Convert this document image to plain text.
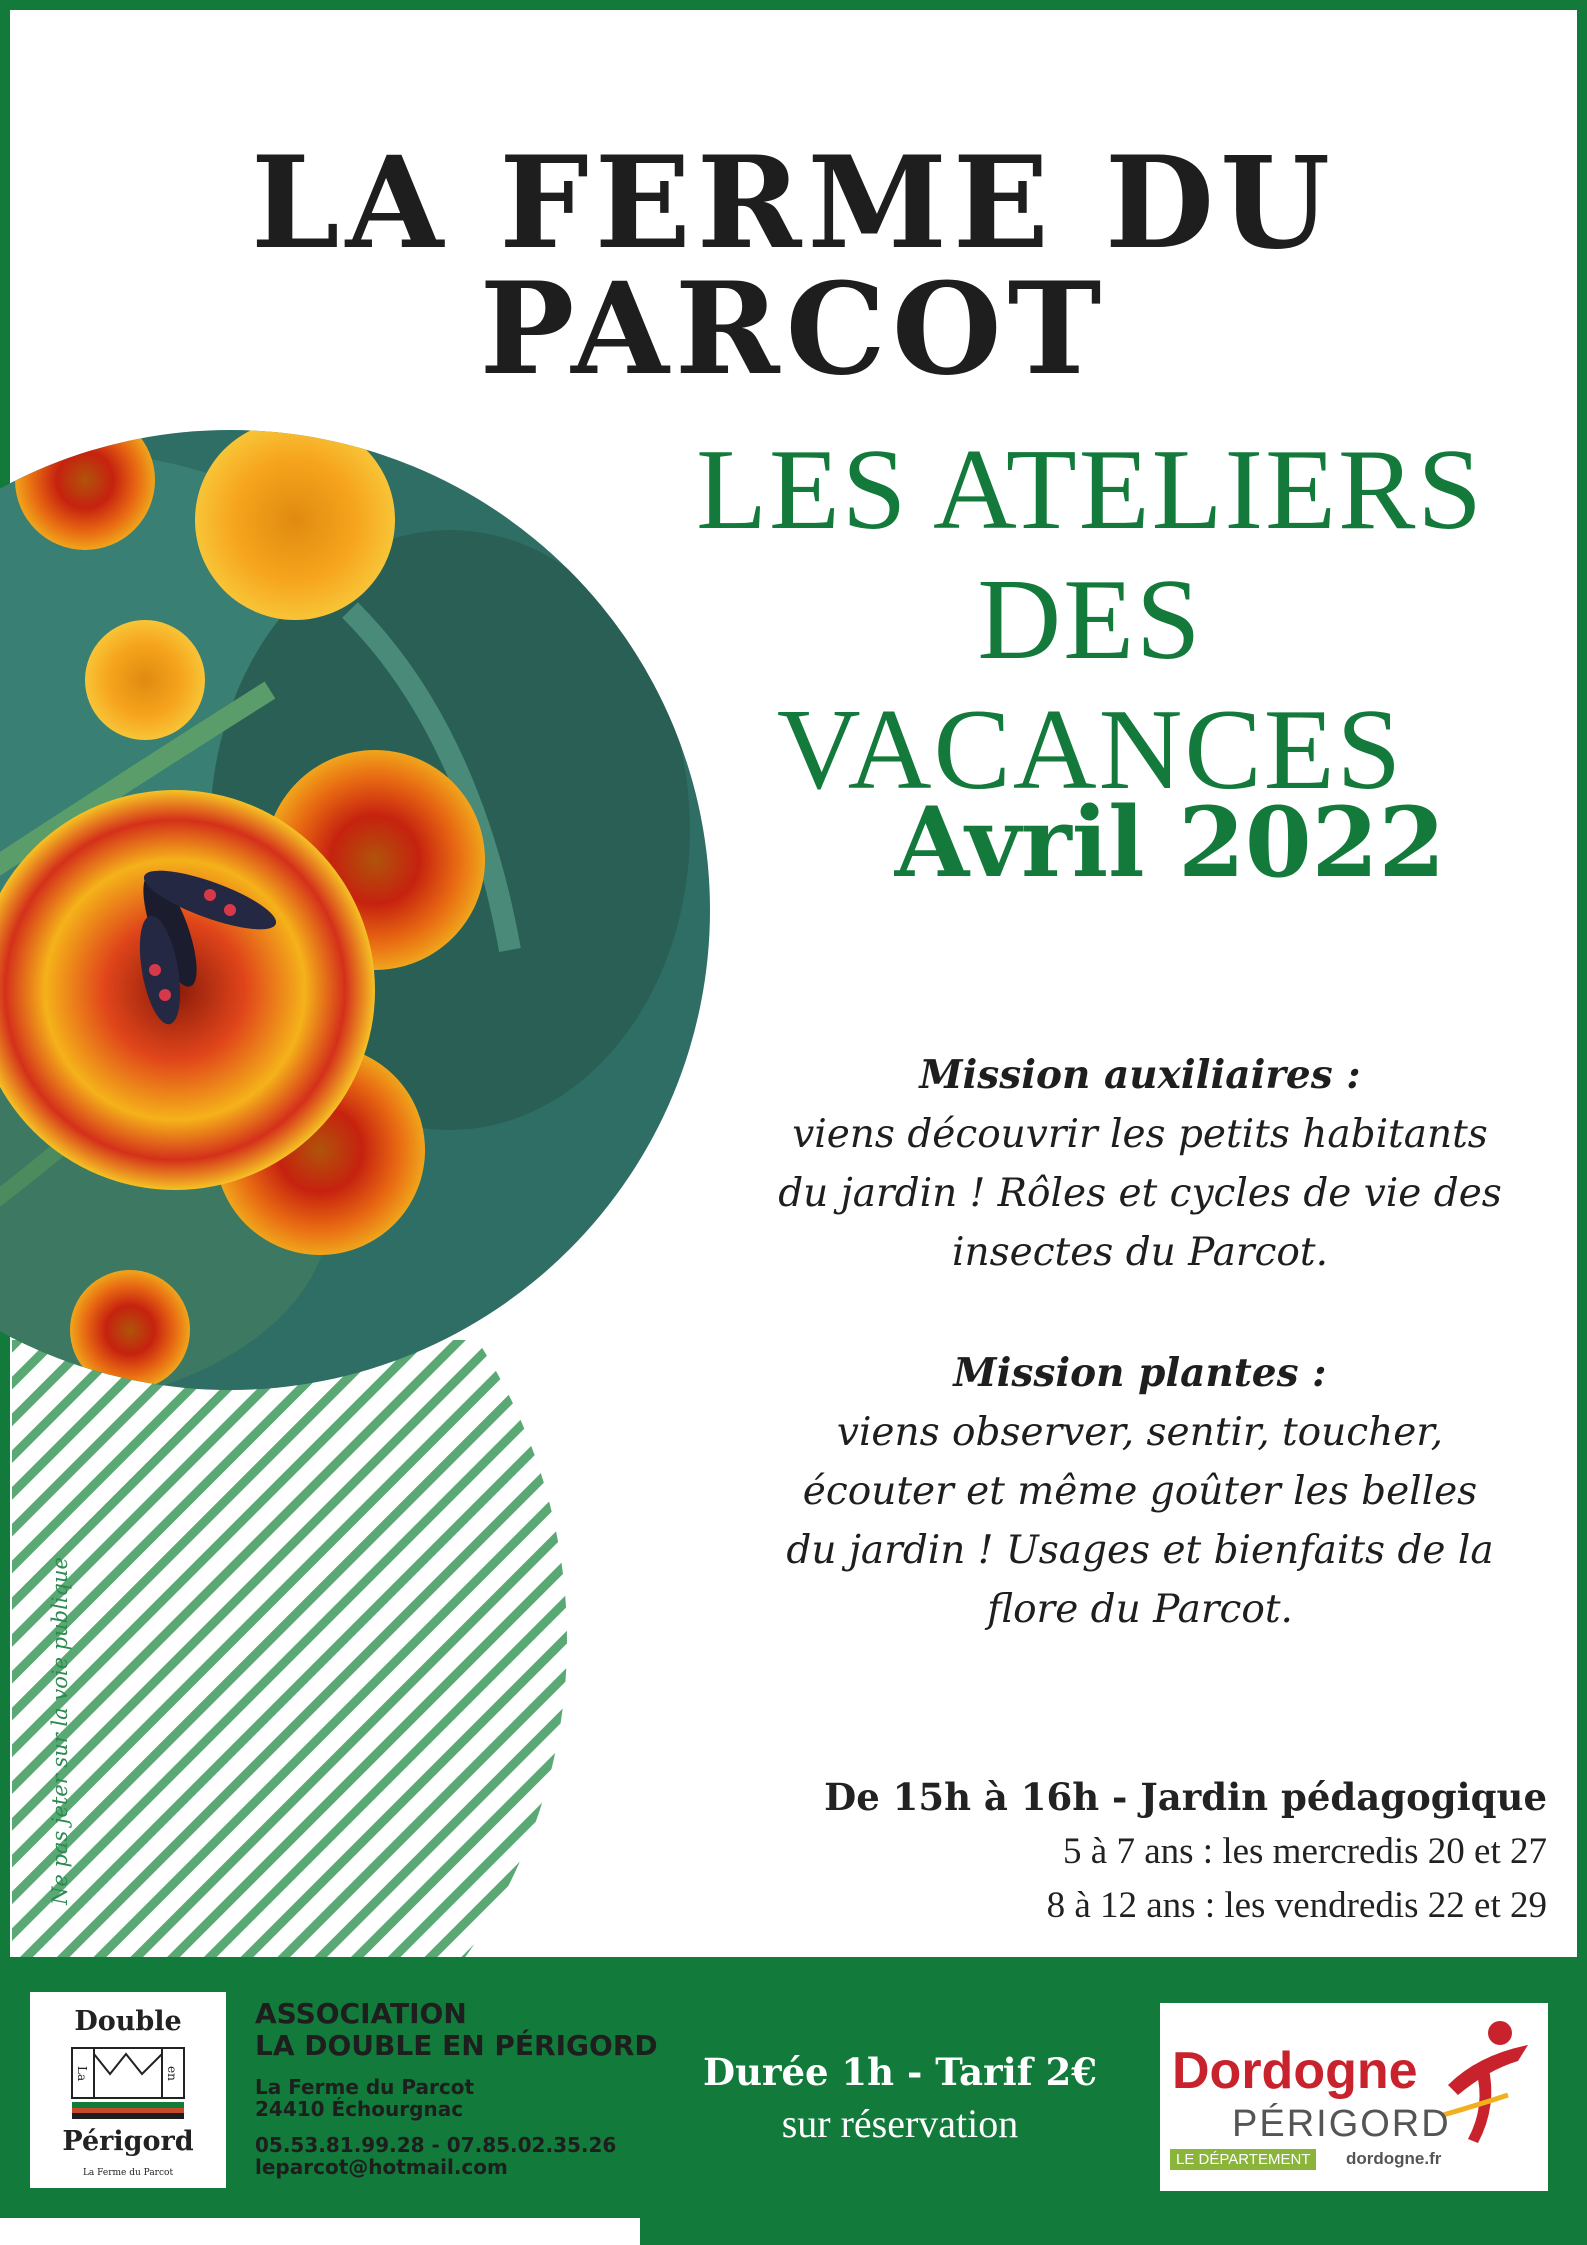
LA FERME DU PARCOT
LES ATELIERS
DES VACANCES
Avril 2022
Ne pas jeter sur la voie publique
Mission auxiliaires :
viens découvrir les petits habitants
du jardin ! Rôles et cycles de vie des
insectes du Parcot.
Mission plantes :
viens observer, sentir, toucher,
écouter et même goûter les belles
du jardin ! Usages et bienfaits de la
flore du Parcot.
De 15h à 16h - Jardin pédagogique
5 à 7 ans : les mercredis 20 et 27
8 à 12 ans : les vendredis 22 et 29
Double
La	en
Périgord
La Ferme du Parcot
ASSOCIATION
LA DOUBLE EN PÉRIGORD
La Ferme du Parcot
24410 Échourgnac
05.53.81.99.28 - 07.85.02.35.26
leparcot@hotmail.com
Durée 1h - Tarif 2€
sur réservation
Dordogne
PÉRIGORD
LE DÉPARTEMENT	dordogne.fr
